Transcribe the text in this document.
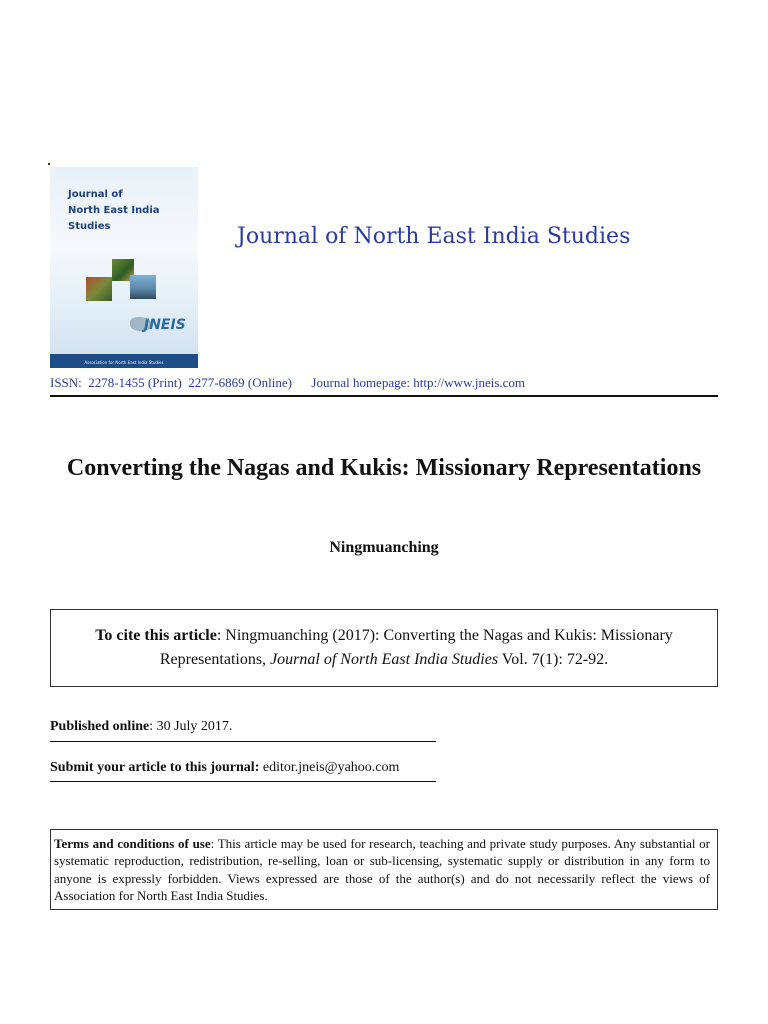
Journal of
North East India
Studies
JNEIS
Association for North East India Studies
Journal of North East India Studies
ISSN:  2278-1455 (Print)  2277-6869 (Online)      Journal homepage: http://www.jneis.com
Converting the Nagas and Kukis: Missionary Representations
Ningmuanching
To cite this article: Ningmuanching (2017): Converting the Nagas and Kukis: Missionary Representations, Journal of North East India Studies Vol. 7(1): 72-92.
Published online: 30 July 2017.
Submit your article to this journal: editor.jneis@yahoo.com
Terms and conditions of use: This article may be used for research, teaching and private study purposes. Any substantial or systematic reproduction, redistribution, re-selling, loan or sub-licensing, systematic supply or distribution in any form to anyone is expressly forbidden. Views expressed are those of the author(s) and do not necessarily reflect the views of Association for North East India Studies.
